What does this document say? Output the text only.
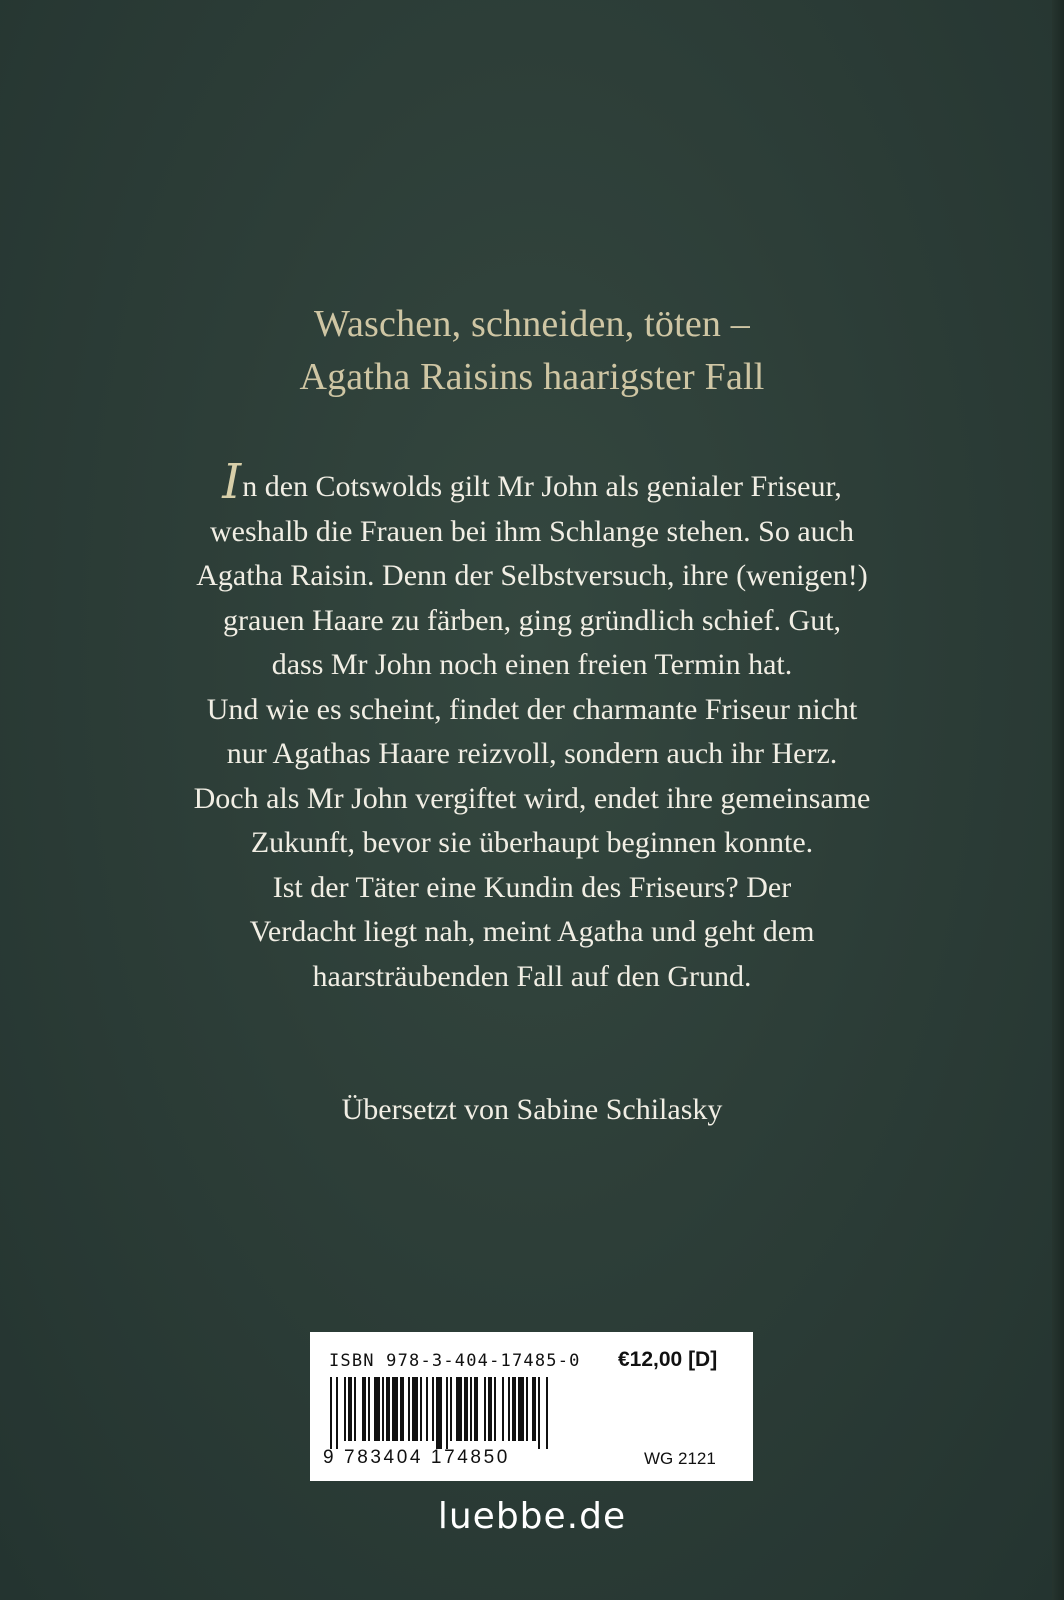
Waschen, schneiden, töten –
Agatha Raisins haarigster Fall
In den Cotswolds gilt Mr John als genialer Friseur,
weshalb die Frauen bei ihm Schlange stehen. So auch
Agatha Raisin. Denn der Selbstversuch, ihre (wenigen!)
grauen Haare zu färben, ging gründlich schief. Gut,
dass Mr John noch einen freien Termin hat.
Und wie es scheint, findet der charmante Friseur nicht
nur Agathas Haare reizvoll, sondern auch ihr Herz.
Doch als Mr John vergiftet wird, endet ihre gemeinsame
Zukunft, bevor sie überhaupt beginnen konnte.
Ist der Täter eine Kundin des Friseurs? Der
Verdacht liegt nah, meint Agatha und geht dem
haarsträubenden Fall auf den Grund.
Übersetzt von Sabine Schilasky
ISBN 978-3-404-17485-0 €12,00 [D]
9 783404 174850	WG 2121
luebbe.de
